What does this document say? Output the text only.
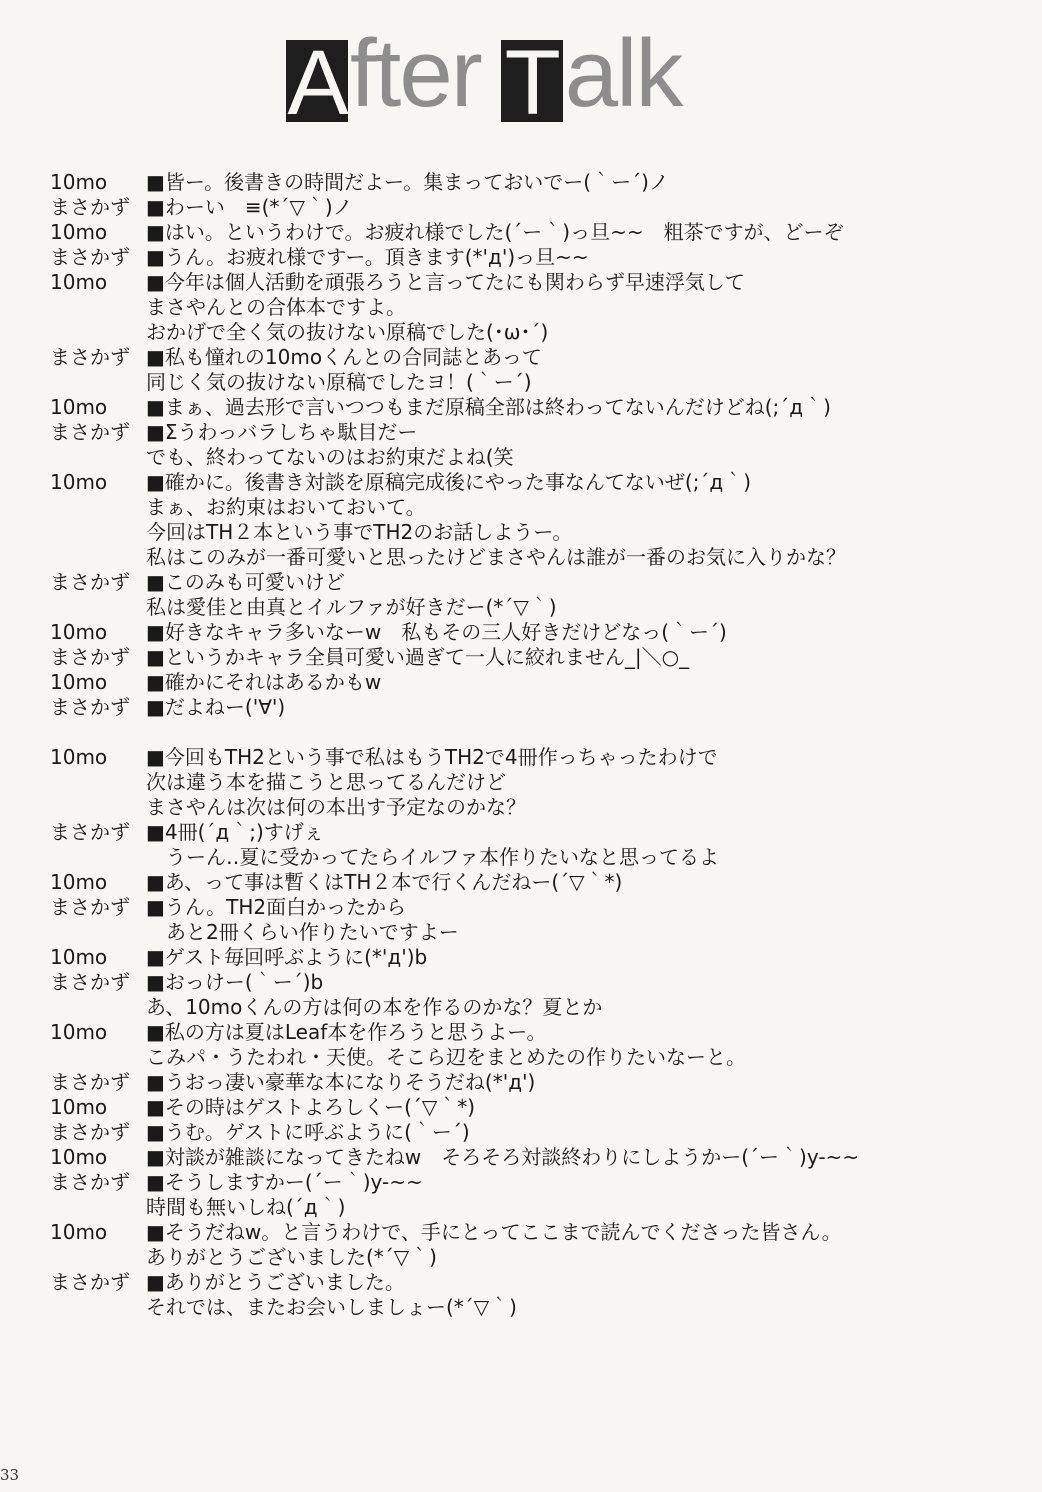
A fter T alk
10mo	■皆ー。後書きの時間だよー。集まっておいでー(｀ー´)ノ
まさかず ■わーい　≡(*´▽｀)ノ
10mo	■はい。というわけで。お疲れ様でした(´ー｀)っ旦~~　粗茶ですが、どーぞ
まさかず ■うん。お疲れ様ですー。頂きます(*'д')っ旦~~
10mo	■今年は個人活動を頑張ろうと言ってたにも関わらず早速浮気して
まさやんとの合体本ですよ。
おかげで全く気の抜けない原稿でした(･ω･´)
まさかず ■私も憧れの10moくんとの合同誌とあって
同じく気の抜けない原稿でしたヨ！(｀ー´)
10mo	■まぁ、過去形で言いつつもまだ原稿全部は終わってないんだけどね(;´д｀)
まさかず ■Σうわっバラしちゃ駄目だー
でも、終わってないのはお約束だよね(笑
10mo	■確かに。後書き対談を原稿完成後にやった事なんてないぜ(;´д｀)
まぁ、お約束はおいておいて。
今回はTH２本という事でTH2のお話しようー。
私はこのみが一番可愛いと思ったけどまさやんは誰が一番のお気に入りかな？
まさかず ■このみも可愛いけど
私は愛佳と由真とイルファが好きだー(*´▽｀)
10mo	■好きなキャラ多いなーw　私もその三人好きだけどなっ(｀ー´)
まさかず ■というかキャラ全員可愛い過ぎて一人に絞れません_|＼○_
10mo	■確かにそれはあるかもw
まさかず ■だよねー('∀')
10mo	■今回もTH2という事で私はもうTH2で4冊作っちゃったわけで
次は違う本を描こうと思ってるんだけど
まさやんは次は何の本出す予定なのかな？
まさかず ■4冊(´д｀;)すげぇ
　うーん‥夏に受かってたらイルファ本作りたいなと思ってるよ
10mo	■あ、って事は暫くはTH２本で行くんだねー(´▽｀*)
まさかず ■うん。TH2面白かったから
　あと2冊くらい作りたいですよー
10mo	■ゲスト毎回呼ぶように(*'д')b
まさかず ■おっけー(｀ー´)b
あ、10moくんの方は何の本を作るのかな？夏とか
10mo	■私の方は夏はLeaf本を作ろうと思うよー。
こみパ・うたわれ・天使。そこら辺をまとめたの作りたいなーと。
まさかず ■うおっ凄い豪華な本になりそうだね(*'д')
10mo	■その時はゲストよろしくー(´▽｀*)
まさかず ■うむ。ゲストに呼ぶように(｀ー´)
10mo	■対談が雑談になってきたねw　そろそろ対談終わりにしようかー(´ー｀)y-~~
まさかず ■そうしますかー(´ー｀)y-~~
時間も無いしね(´д｀)
10mo	■そうだねw。と言うわけで、手にとってここまで読んでくださった皆さん。
ありがとうございました(*´▽｀)
まさかず ■ありがとうございました。
それでは、またお会いしましょー(*´▽｀)
33
